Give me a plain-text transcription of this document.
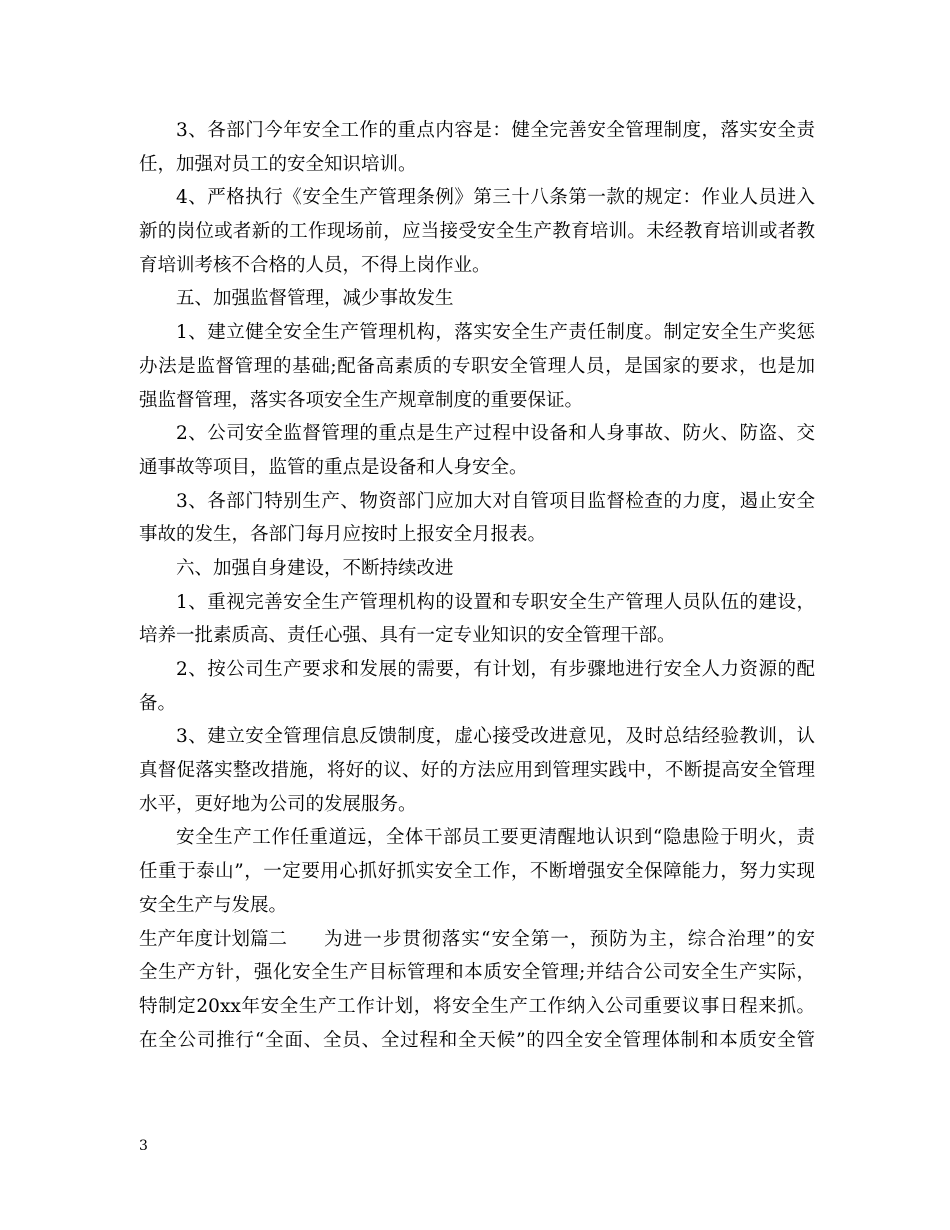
3、各部门今年安全工作的重点内容是：健全完善安全管理制度，落实安全责
任，加强对员工的安全知识培训。
4、严格执行《安全生产管理条例》第三十八条第一款的规定：作业人员进入
新的岗位或者新的工作现场前，应当接受安全生产教育培训。未经教育培训或者教
育培训考核不合格的人员，不得上岗作业。
五、加强监督管理，减少事故发生
1、建立健全安全生产管理机构，落实安全生产责任制度。制定安全生产奖惩
办法是监督管理的基础;配备高素质的专职安全管理人员，是国家的要求，也是加
强监督管理，落实各项安全生产规章制度的重要保证。
2、公司安全监督管理的重点是生产过程中设备和人身事故、防火、防盗、交
通事故等项目，监管的重点是设备和人身安全。
3、各部门特别生产、物资部门应加大对自管项目监督检查的力度，遏止安全
事故的发生，各部门每月应按时上报安全月报表。
六、加强自身建设，不断持续改进
1、重视完善安全生产管理机构的设置和专职安全生产管理人员队伍的建设，
培养一批素质高、责任心强、具有一定专业知识的安全管理干部。
2、按公司生产要求和发展的需要，有计划，有步骤地进行安全人力资源的配
备。
3、建立安全管理信息反馈制度，虚心接受改进意见，及时总结经验教训，认
真督促落实整改措施，将好的议、好的方法应用到管理实践中，不断提高安全管理
水平，更好地为公司的发展服务。
安全生产工作任重道远，全体干部员工要更清醒地认识到“隐患险于明火，责
任重于泰山”，一定要用心抓好抓实安全工作，不断增强安全保障能力，努力实现
安全生产与发展。
生产年度计划篇二	为进一步贯彻落实“安全第一，预防为主，综合治理”的安
全生产方针，强化安全生产目标管理和本质安全管理;并结合公司安全生产实际，
特制定20xx年安全生产工作计划，将安全生产工作纳入公司重要议事日程来抓。
在全公司推行“全面、全员、全过程和全天候”的四全安全管理体制和本质安全管
3
